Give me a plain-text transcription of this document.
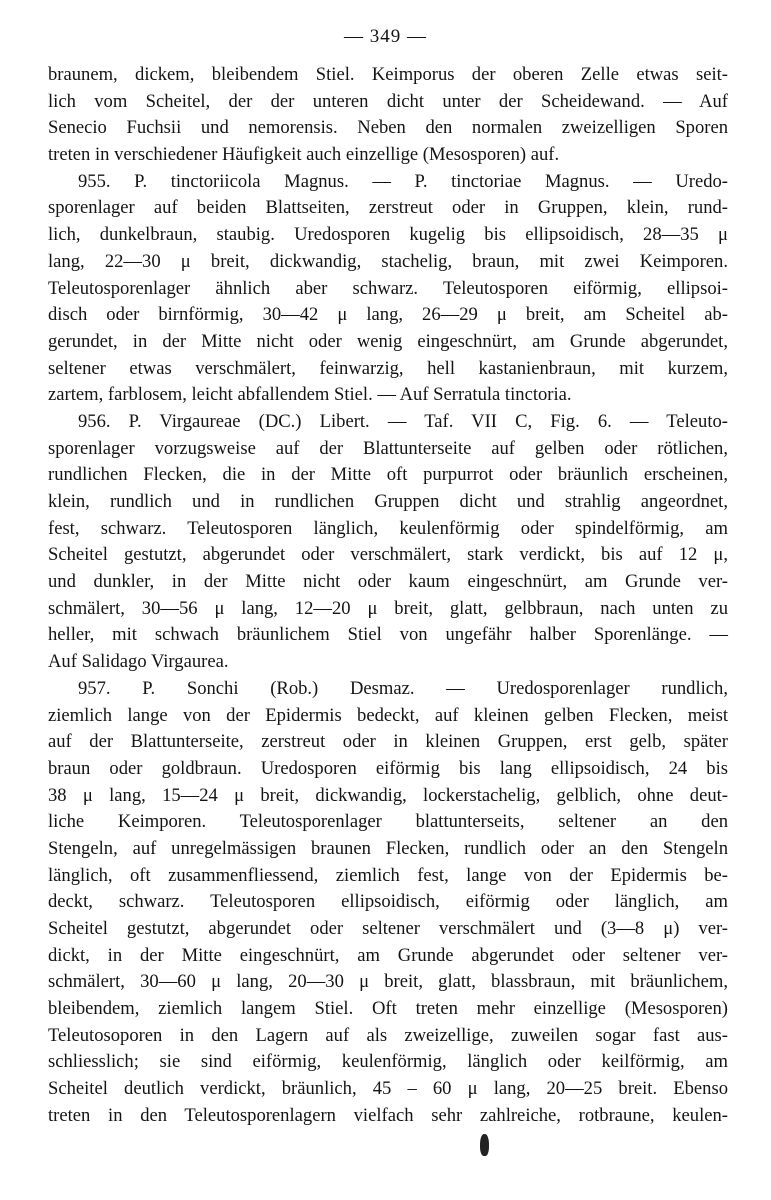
— 349 —
braunem, dickem, bleibendem Stiel. Keimporus der oberen Zelle etwas seit-
lich vom Scheitel, der der unteren dicht unter der Scheidewand. — Auf
Senecio Fuchsii und nemorensis. Neben den normalen zweizelligen Sporen
treten in verschiedener Häufigkeit auch einzellige (Mesosporen) auf.
955. P. tinctoriicola Magnus. — P. tinctoriae Magnus. — Uredo-
sporenlager auf beiden Blattseiten, zerstreut oder in Gruppen, klein, rund-
lich, dunkelbraun, staubig. Uredosporen kugelig bis ellipsoidisch, 28—35 μ
lang, 22—30 μ breit, dickwandig, stachelig, braun, mit zwei Keimporen.
Teleutosporenlager ähnlich aber schwarz. Teleutosporen eiförmig, ellipsoi-
disch oder birnförmig, 30—42 μ lang, 26—29 μ breit, am Scheitel ab-
gerundet, in der Mitte nicht oder wenig eingeschnürt, am Grunde abgerundet,
seltener etwas verschmälert, feinwarzig, hell kastanienbraun, mit kurzem,
zartem, farblosem, leicht abfallendem Stiel. — Auf Serratula tinctoria.
956. P. Virgaureae (DC.) Libert. — Taf. VII C, Fig. 6. — Teleuto-
sporenlager vorzugsweise auf der Blattunterseite auf gelben oder rötlichen,
rundlichen Flecken, die in der Mitte oft purpurrot oder bräunlich erscheinen,
klein, rundlich und in rundlichen Gruppen dicht und strahlig angeordnet,
fest, schwarz. Teleutosporen länglich, keulenförmig oder spindelförmig, am
Scheitel gestutzt, abgerundet oder verschmälert, stark verdickt, bis auf 12 μ,
und dunkler, in der Mitte nicht oder kaum eingeschnürt, am Grunde ver-
schmälert, 30—56 μ lang, 12—20 μ breit, glatt, gelbbraun, nach unten zu
heller, mit schwach bräunlichem Stiel von ungefähr halber Sporenlänge. —
Auf Salidago Virgaurea.
957. P. Sonchi (Rob.) Desmaz. — Uredosporenlager rundlich,
ziemlich lange von der Epidermis bedeckt, auf kleinen gelben Flecken, meist
auf der Blattunterseite, zerstreut oder in kleinen Gruppen, erst gelb, später
braun oder goldbraun. Uredosporen eiförmig bis lang ellipsoidisch, 24 bis
38 μ lang, 15—24 μ breit, dickwandig, lockerstachelig, gelblich, ohne deut-
liche Keimporen. Teleutosporenlager blattunterseits, seltener an den
Stengeln, auf unregelmässigen braunen Flecken, rundlich oder an den Stengeln
länglich, oft zusammenfliessend, ziemlich fest, lange von der Epidermis be-
deckt, schwarz. Teleutosporen ellipsoidisch, eiförmig oder länglich, am
Scheitel gestutzt, abgerundet oder seltener verschmälert und (3—8 μ) ver-
dickt, in der Mitte eingeschnürt, am Grunde abgerundet oder seltener ver-
schmälert, 30—60 μ lang, 20—30 μ breit, glatt, blassbraun, mit bräunlichem,
bleibendem, ziemlich langem Stiel. Oft treten mehr einzellige (Mesosporen)
Teleutosoporen in den Lagern auf als zweizellige, zuweilen sogar fast aus-
schliesslich; sie sind eiförmig, keulenförmig, länglich oder keilförmig, am
Scheitel deutlich verdickt, bräunlich, 45 – 60 μ lang, 20—25 breit. Ebenso
treten in den Teleutosporenlagern vielfach sehr zahlreiche, rotbraune, keulen-
